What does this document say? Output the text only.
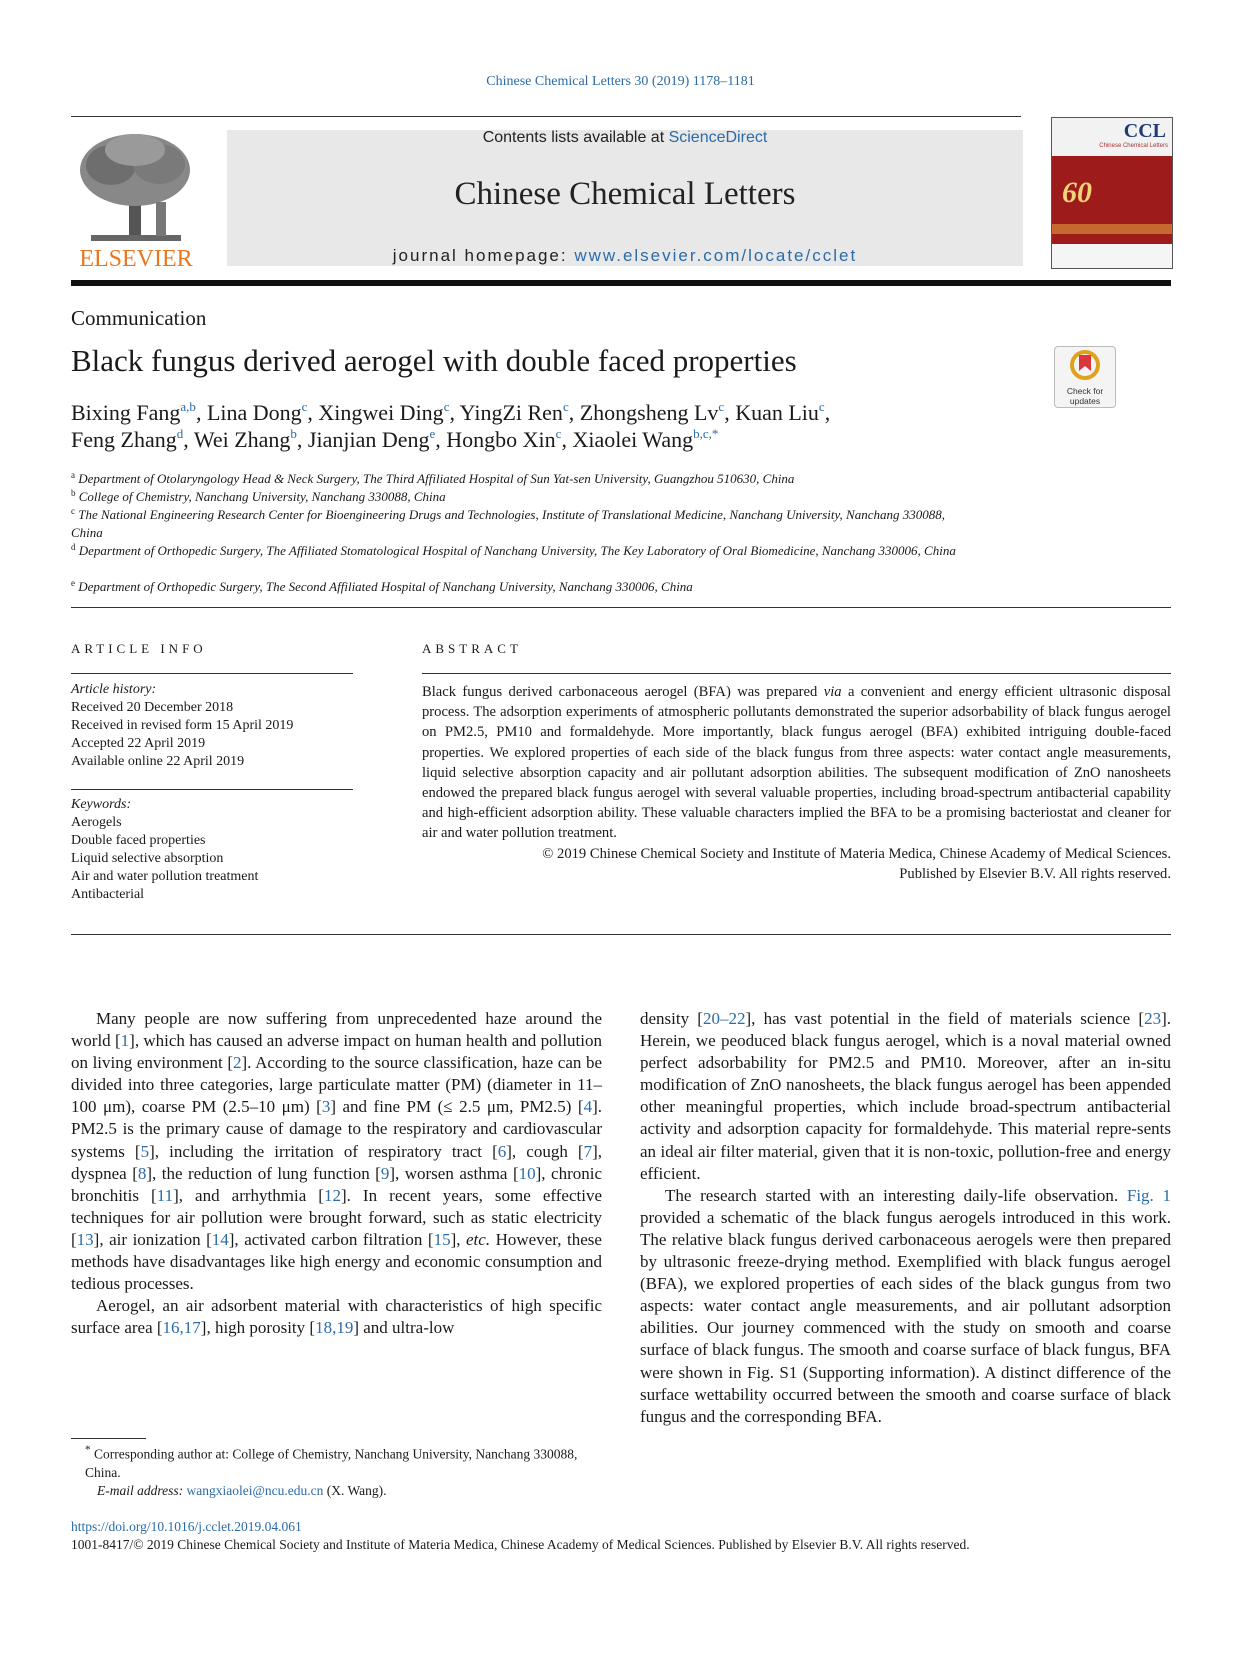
Chinese Chemical Letters 30 (2019) 1178–1181
ELSEVIER
Contents lists available at ScienceDirect
Chinese Chemical Letters
journal homepage: www.elsevier.com/locate/cclet
CCL
Chinese Chemical Letters
60
Communication
Black fungus derived aerogel with double faced properties
Check for
updates
Bixing Fang$^{a,b}$, Lina Dong$^c$, Xingwei Ding$^c$, YingZi Ren$^c$, Zhongsheng Lv$^c$, Kuan Liu$^c$,
Feng Zhang$^d$, Wei Zhang$^b$, Jianjian Deng$^e$, Hongbo Xin$^c$, Xiaolei Wang$^{b,c,*}$
$^a$ Department of Otolaryngology Head & Neck Surgery, The Third Affiliated Hospital of Sun Yat-sen University, Guangzhou 510630, China
$^b$ College of Chemistry, Nanchang University, Nanchang 330088, China
$^c$ The National Engineering Research Center for Bioengineering Drugs and Technologies, Institute of Translational Medicine, Nanchang University, Nanchang 330088, China
$^d$ Department of Orthopedic Surgery, The Affiliated Stomatological Hospital of Nanchang University, The Key Laboratory of Oral Biomedicine, Nanchang 330006, China
$^e$ Department of Orthopedic Surgery, The Second Affiliated Hospital of Nanchang University, Nanchang 330006, China
ARTICLE INFO	ABSTRACT
Article history:
Received 20 December 2018
Received in revised form 15 April 2019
Accepted 22 April 2019
Available online 22 April 2019
Keywords:
Aerogels
Double faced properties
Liquid selective absorption
Air and water pollution treatment
Antibacterial
Black fungus derived carbonaceous aerogel (BFA) was prepared via a convenient and energy efficient ultrasonic disposal process. The adsorption experiments of atmospheric pollutants demonstrated the superior adsorbability of black fungus aerogel on PM2.5, PM10 and formaldehyde. More importantly, black fungus aerogel (BFA) exhibited intriguing double-faced properties. We explored properties of each side of the black fungus from three aspects: water contact angle measurements, liquid selective absorption capacity and air pollutant adsorption abilities. The subsequent modification of ZnO nanosheets endowed the prepared black fungus aerogel with several valuable properties, including broad-spectrum antibacterial capability and high-efficient adsorption ability. These valuable characters implied the BFA to be a promising bacteriostat and cleaner for air and water pollution treatment.
© 2019 Chinese Chemical Society and Institute of Materia Medica, Chinese Academy of Medical Sciences.
Published by Elsevier B.V. All rights reserved.

Many people are now suffering from unprecedented haze around the world [1], which has caused an adverse impact on human health and pollution on living environment [2]. According to the source classification, haze can be divided into three categories, large particulate matter (PM) (diameter in 11–100 μm), coarse PM (2.5–10 μm) [3] and fine PM (≤ 2.5 μm, PM2.5) [4]. PM2.5 is the primary cause of damage to the respiratory and cardiovascular systems [5], including the irritation of respiratory tract [6], cough [7], dyspnea [8], the reduction of lung function [9], worsen asthma [10], chronic bronchitis [11], and arrhythmia [12]. In recent years, some effective techniques for air pollution were brought forward, such as static electricity [13], air ionization [14], activated carbon filtration [15], etc. However, these methods have disadvantages like high energy and economic consumption and tedious processes.

Aerogel, an air adsorbent material with characteristics of high specific surface area [16,17], high porosity [18,19] and ultra-low

density [20–22], has vast potential in the field of materials science [23]. Herein, we peoduced black fungus aerogel, which is a noval material owned perfect adsorbability for PM2.5 and PM10. Moreover, after an in-situ modification of ZnO nanosheets, the black fungus aerogel has been appended other meaningful properties, which include broad-spectrum antibacterial activity and adsorption capacity for formaldehyde. This material repre-sents an ideal air filter material, given that it is non-toxic, pollution-free and energy efficient.

The research started with an interesting daily-life observation. Fig. 1 provided a schematic of the black fungus aerogels introduced in this work. The relative black fungus derived carbonaceous aerogels were then prepared by ultrasonic freeze-drying method. Exemplified with black fungus aerogel (BFA), we explored properties of each sides of the black gungus from two aspects: water contact angle measurements, and air pollutant adsorption abilities. Our journey commenced with the study on smooth and coarse surface of black fungus. The smooth and coarse surface of black fungus, BFA were shown in Fig. S1 (Supporting information). A distinct difference of the surface wettability occurred between the smooth and coarse surface of black fungus and the corresponding BFA.

* Corresponding author at: College of Chemistry, Nanchang University, Nanchang 330088, China.
E-mail address: wangxiaolei@ncu.edu.cn (X. Wang).
https://doi.org/10.1016/j.cclet.2019.04.061
1001-8417/© 2019 Chinese Chemical Society and Institute of Materia Medica, Chinese Academy of Medical Sciences. Published by Elsevier B.V. All rights reserved.
